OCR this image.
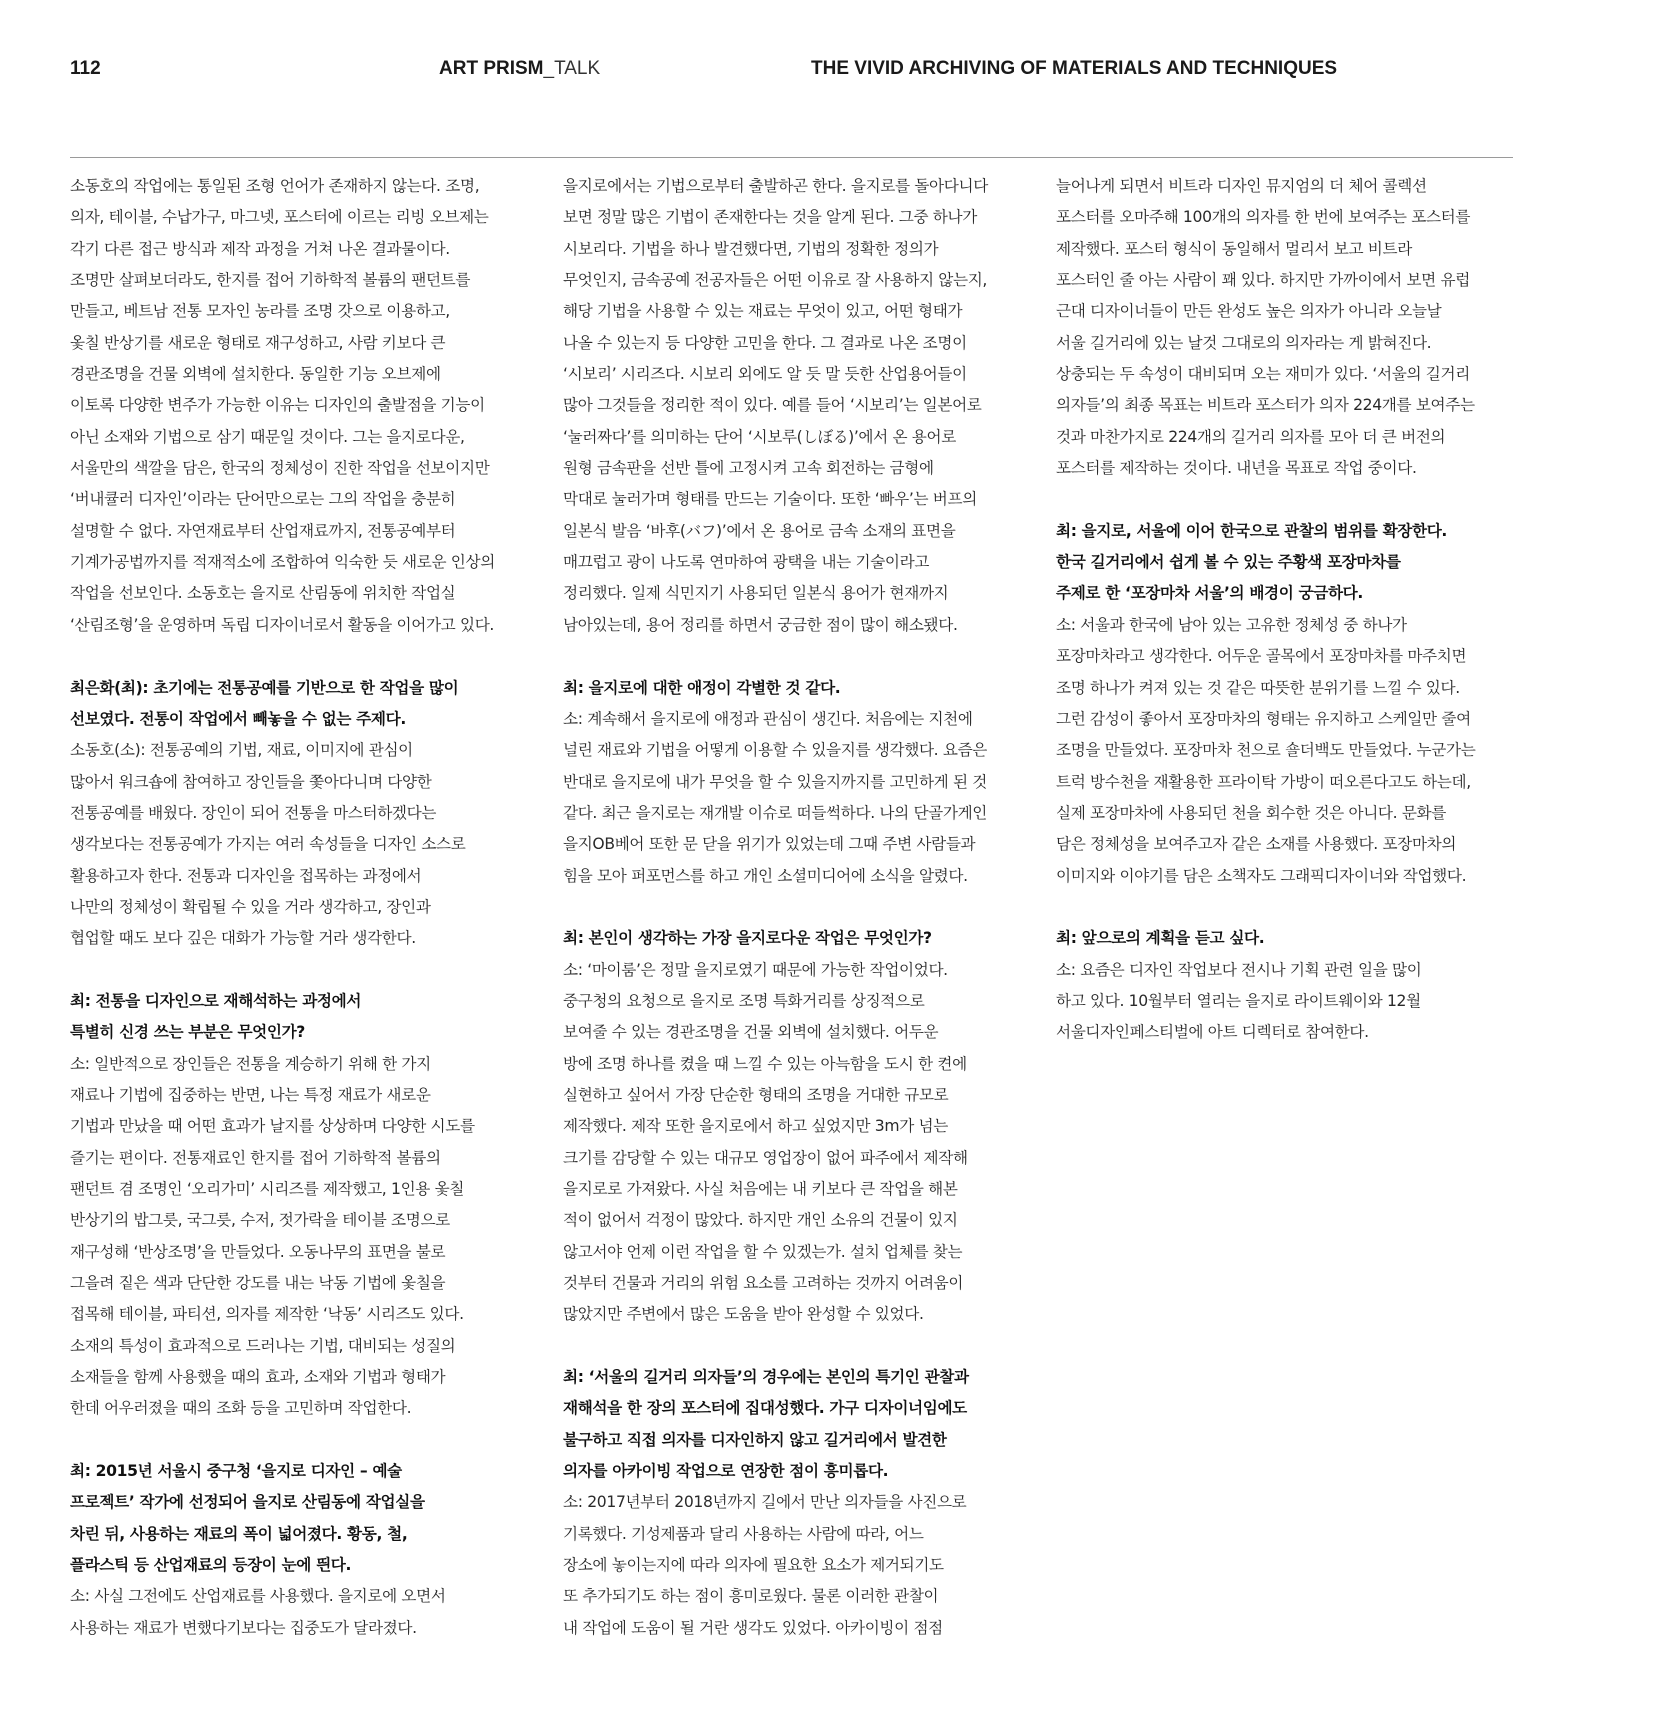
112	ART PRISM_TALK	THE VIVID ARCHIVING OF MATERIALS AND TECHNIQUES
소동호의 작업에는 통일된 조형 언어가 존재하지 않는다. 조명,
의자, 테이블, 수납가구, 마그넷, 포스터에 이르는 리빙 오브제는
각기 다른 접근 방식과 제작 과정을 거쳐 나온 결과물이다.
조명만 살펴보더라도, 한지를 접어 기하학적 볼륨의 팬던트를
만들고, 베트남 전통 모자인 농라를 조명 갓으로 이용하고,
옻칠 반상기를 새로운 형태로 재구성하고, 사람 키보다 큰
경관조명을 건물 외벽에 설치한다. 동일한 기능 오브제에
이토록 다양한 변주가 가능한 이유는 디자인의 출발점을 기능이
아닌 소재와 기법으로 삼기 때문일 것이다. 그는 을지로다운,
서울만의 색깔을 담은, 한국의 정체성이 진한 작업을 선보이지만
‘버내큘러 디자인’이라는 단어만으로는 그의 작업을 충분히
설명할 수 없다. 자연재료부터 산업재료까지, 전통공예부터
기계가공법까지를 적재적소에 조합하여 익숙한 듯 새로운 인상의
작업을 선보인다. 소동호는 을지로 산림동에 위치한 작업실
‘산림조형’을 운영하며 독립 디자이너로서 활동을 이어가고 있다.
최은화(최): 초기에는 전통공예를 기반으로 한 작업을 많이
선보였다. 전통이 작업에서 빼놓을 수 없는 주제다.
소동호(소): 전통공예의 기법, 재료, 이미지에 관심이
많아서 워크숍에 참여하고 장인들을 쫓아다니며 다양한
전통공예를 배웠다. 장인이 되어 전통을 마스터하겠다는
생각보다는 전통공예가 가지는 여러 속성들을 디자인 소스로
활용하고자 한다. 전통과 디자인을 접목하는 과정에서
나만의 정체성이 확립될 수 있을 거라 생각하고, 장인과
협업할 때도 보다 깊은 대화가 가능할 거라 생각한다.
최: 전통을 디자인으로 재해석하는 과정에서
특별히 신경 쓰는 부분은 무엇인가?
소: 일반적으로 장인들은 전통을 계승하기 위해 한 가지
재료나 기법에 집중하는 반면, 나는 특정 재료가 새로운
기법과 만났을 때 어떤 효과가 날지를 상상하며 다양한 시도를
즐기는 편이다. 전통재료인 한지를 접어 기하학적 볼륨의
팬던트 겸 조명인 ‘오리가미’ 시리즈를 제작했고, 1인용 옻칠
반상기의 밥그릇, 국그릇, 수저, 젓가락을 테이블 조명으로
재구성해 ‘반상조명’을 만들었다. 오동나무의 표면을 불로
그을려 짙은 색과 단단한 강도를 내는 낙동 기법에 옻칠을
접목해 테이블, 파티션, 의자를 제작한 ‘낙동’ 시리즈도 있다.
소재의 특성이 효과적으로 드러나는 기법, 대비되는 성질의
소재들을 함께 사용했을 때의 효과, 소재와 기법과 형태가
한데 어우러졌을 때의 조화 등을 고민하며 작업한다.
최: 2015년 서울시 중구청 ‘을지로 디자인 – 예술
프로젝트’ 작가에 선정되어 을지로 산림동에 작업실을
차린 뒤, 사용하는 재료의 폭이 넓어졌다. 황동, 철,
플라스틱 등 산업재료의 등장이 눈에 띈다.
소: 사실 그전에도 산업재료를 사용했다. 을지로에 오면서
사용하는 재료가 변했다기보다는 집중도가 달라졌다.
을지로에서는 기법으로부터 출발하곤 한다. 을지로를 돌아다니다
보면 정말 많은 기법이 존재한다는 것을 알게 된다. 그중 하나가
시보리다. 기법을 하나 발견했다면, 기법의 정확한 정의가
무엇인지, 금속공예 전공자들은 어떤 이유로 잘 사용하지 않는지,
해당 기법을 사용할 수 있는 재료는 무엇이 있고, 어떤 형태가
나올 수 있는지 등 다양한 고민을 한다. 그 결과로 나온 조명이
‘시보리’ 시리즈다. 시보리 외에도 알 듯 말 듯한 산업용어들이
많아 그것들을 정리한 적이 있다. 예를 들어 ‘시보리’는 일본어로
‘눌러짜다’를 의미하는 단어 ‘시보루(しぼる)’에서 온 용어로
원형 금속판을 선반 틀에 고정시켜 고속 회전하는 금형에
막대로 눌러가며 형태를 만드는 기술이다. 또한 ‘빠우’는 버프의
일본식 발음 ‘바후(バフ)’에서 온 용어로 금속 소재의 표면을
매끄럽고 광이 나도록 연마하여 광택을 내는 기술이라고
정리했다. 일제 식민지기 사용되던 일본식 용어가 현재까지
남아있는데, 용어 정리를 하면서 궁금한 점이 많이 해소됐다.
최: 을지로에 대한 애정이 각별한 것 같다.
소: 계속해서 을지로에 애정과 관심이 생긴다. 처음에는 지천에
널린 재료와 기법을 어떻게 이용할 수 있을지를 생각했다. 요즘은
반대로 을지로에 내가 무엇을 할 수 있을지까지를 고민하게 된 것
같다. 최근 을지로는 재개발 이슈로 떠들썩하다. 나의 단골가게인
을지OB베어 또한 문 닫을 위기가 있었는데 그때 주변 사람들과
힘을 모아 퍼포먼스를 하고 개인 소셜미디어에 소식을 알렸다.
최: 본인이 생각하는 가장 을지로다운 작업은 무엇인가?
소: ‘마이룸’은 정말 을지로였기 때문에 가능한 작업이었다.
중구청의 요청으로 을지로 조명 특화거리를 상징적으로
보여줄 수 있는 경관조명을 건물 외벽에 설치했다. 어두운
방에 조명 하나를 켰을 때 느낄 수 있는 아늑함을 도시 한 켠에
실현하고 싶어서 가장 단순한 형태의 조명을 거대한 규모로
제작했다. 제작 또한 을지로에서 하고 싶었지만 3m가 넘는
크기를 감당할 수 있는 대규모 영업장이 없어 파주에서 제작해
을지로로 가져왔다. 사실 처음에는 내 키보다 큰 작업을 해본
적이 없어서 걱정이 많았다. 하지만 개인 소유의 건물이 있지
않고서야 언제 이런 작업을 할 수 있겠는가. 설치 업체를 찾는
것부터 건물과 거리의 위험 요소를 고려하는 것까지 어려움이
많았지만 주변에서 많은 도움을 받아 완성할 수 있었다.
최: ‘서울의 길거리 의자들’의 경우에는 본인의 특기인 관찰과
재해석을 한 장의 포스터에 집대성했다. 가구 디자이너임에도
불구하고 직접 의자를 디자인하지 않고 길거리에서 발견한
의자를 아카이빙 작업으로 연장한 점이 흥미롭다.
소: 2017년부터 2018년까지 길에서 만난 의자들을 사진으로
기록했다. 기성제품과 달리 사용하는 사람에 따라, 어느
장소에 놓이는지에 따라 의자에 필요한 요소가 제거되기도
또 추가되기도 하는 점이 흥미로웠다. 물론 이러한 관찰이
내 작업에 도움이 될 거란 생각도 있었다. 아카이빙이 점점
늘어나게 되면서 비트라 디자인 뮤지엄의 더 체어 콜렉션
포스터를 오마주해 100개의 의자를 한 번에 보여주는 포스터를
제작했다. 포스터 형식이 동일해서 멀리서 보고 비트라
포스터인 줄 아는 사람이 꽤 있다. 하지만 가까이에서 보면 유럽
근대 디자이너들이 만든 완성도 높은 의자가 아니라 오늘날
서울 길거리에 있는 날것 그대로의 의자라는 게 밝혀진다.
상충되는 두 속성이 대비되며 오는 재미가 있다. ‘서울의 길거리
의자들’의 최종 목표는 비트라 포스터가 의자 224개를 보여주는
것과 마찬가지로 224개의 길거리 의자를 모아 더 큰 버전의
포스터를 제작하는 것이다. 내년을 목표로 작업 중이다.
최: 을지로, 서울에 이어 한국으로 관찰의 범위를 확장한다.
한국 길거리에서 쉽게 볼 수 있는 주황색 포장마차를
주제로 한 ‘포장마차 서울’의 배경이 궁금하다.
소: 서울과 한국에 남아 있는 고유한 정체성 중 하나가
포장마차라고 생각한다. 어두운 골목에서 포장마차를 마주치면
조명 하나가 켜져 있는 것 같은 따뜻한 분위기를 느낄 수 있다.
그런 감성이 좋아서 포장마차의 형태는 유지하고 스케일만 줄여
조명을 만들었다. 포장마차 천으로 숄더백도 만들었다. 누군가는
트럭 방수천을 재활용한 프라이탁 가방이 떠오른다고도 하는데,
실제 포장마차에 사용되던 천을 회수한 것은 아니다. 문화를
담은 정체성을 보여주고자 같은 소재를 사용했다. 포장마차의
이미지와 이야기를 담은 소책자도 그래픽디자이너와 작업했다.
최: 앞으로의 계획을 듣고 싶다.
소: 요즘은 디자인 작업보다 전시나 기획 관련 일을 많이
하고 있다. 10월부터 열리는 을지로 라이트웨이와 12월
서울디자인페스티벌에 아트 디렉터로 참여한다.
